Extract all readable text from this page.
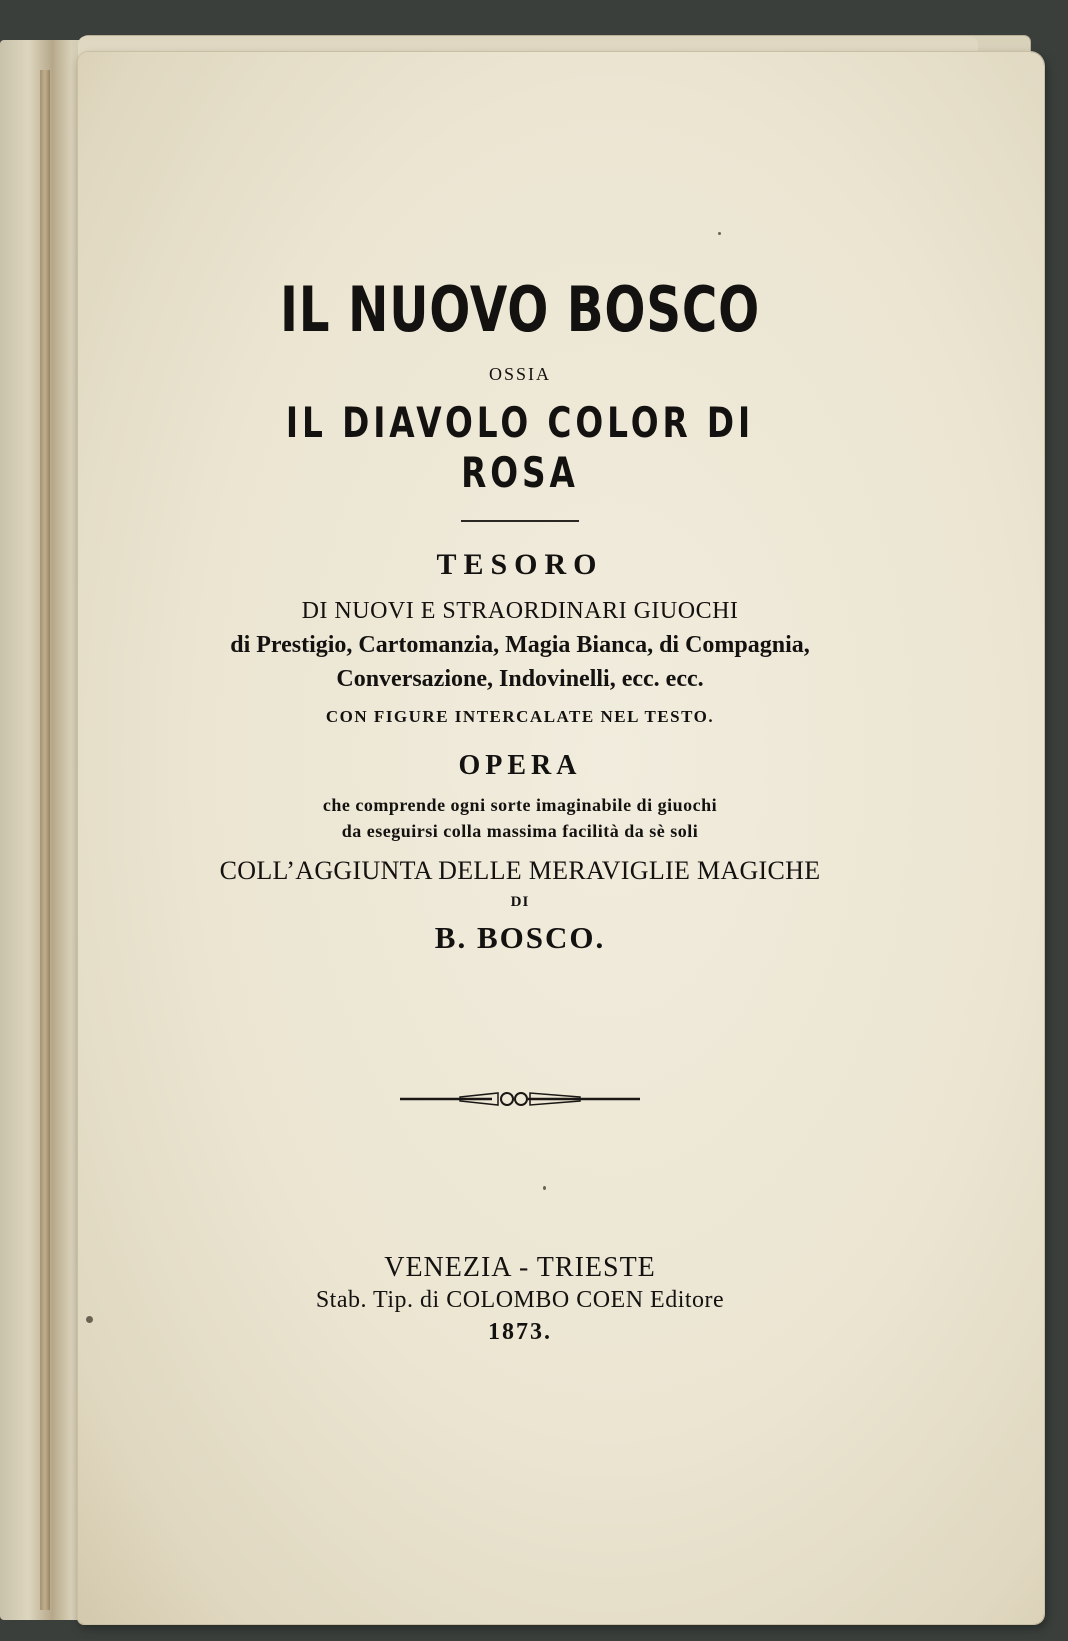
IL NUOVO BOSCO
OSSIA
IL DIAVOLO COLOR DI ROSA
TESORO
DI NUOVI E STRAORDINARI GIUOCHI
di Prestigio, Cartomanzia, Magia Bianca, di Compagnia,
Conversazione, Indovinelli, ecc. ecc.
CON FIGURE INTERCALATE NEL TESTO.
OPERA
che comprende ogni sorte imaginabile di giuochi
da eseguirsi colla massima facilità da sè soli
COLL’AGGIUNTA DELLE MERAVIGLIE MAGICHE
DI
B. BOSCO.
VENEZIA - TRIESTE
Stab. Tip. di COLOMBO COEN Editore
1873.
